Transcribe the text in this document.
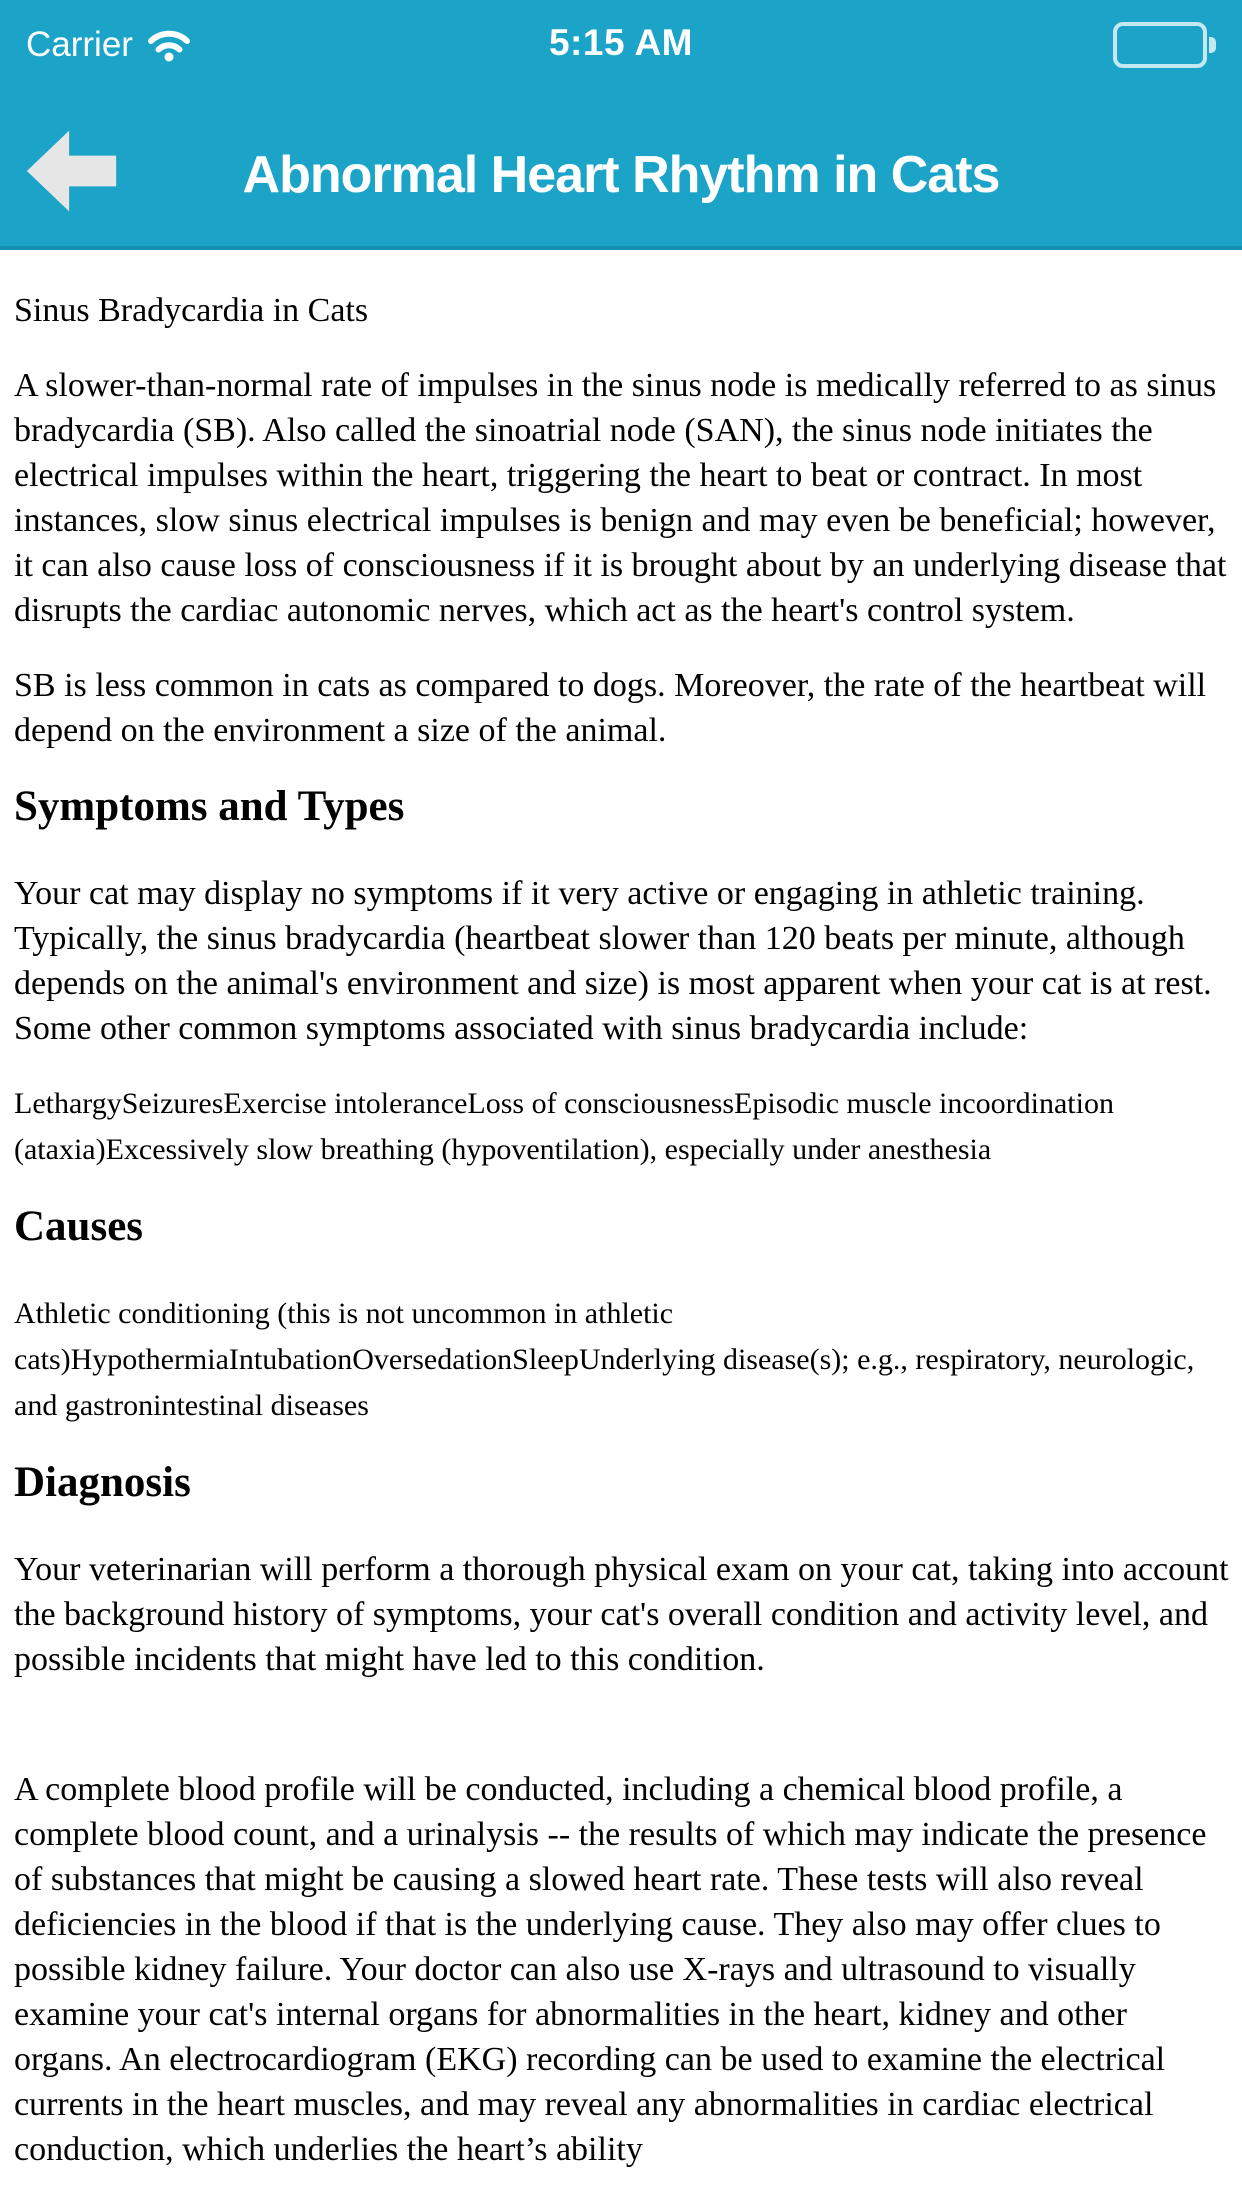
Carrier	5:15 AM
Abnormal Heart Rhythm in Cats

Sinus Bradycardia in Cats

A slower-than-normal rate of impulses in the sinus node is medically referred to as sinus bradycardia (SB). Also called the sinoatrial node (SAN), the sinus node initiates the electrical impulses within the heart, triggering the heart to beat or contract. In most instances, slow sinus electrical impulses is benign and may even be beneficial; however, it can also cause loss of consciousness if it is brought about by an underlying disease that disrupts the cardiac autonomic nerves, which act as the heart's control system.

SB is less common in cats as compared to dogs. Moreover, the rate of the heartbeat will depend on the environment a size of the animal.

Symptoms and Types

Your cat may display no symptoms if it very active or engaging in athletic training. Typically, the sinus bradycardia (heartbeat slower than 120 beats per minute, although depends on the animal's environment and size) is most apparent when your cat is at rest. Some other common symptoms associated with sinus bradycardia include:

LethargySeizuresExercise intoleranceLoss of consciousnessEpisodic muscle incoordination (ataxia)Excessively slow breathing (hypoventilation), especially under anesthesia

Causes

Athletic conditioning (this is not uncommon in athletic cats)HypothermiaIntubationOversedationSleepUnderlying disease(s); e.g., respiratory, neurologic, and gastronintestinal diseases

Diagnosis

Your veterinarian will perform a thorough physical exam on your cat, taking into account the background history of symptoms, your cat's overall condition and activity level, and possible incidents that might have led to this condition.

A complete blood profile will be conducted, including a chemical blood profile, a complete blood count, and a urinalysis -- the results of which may indicate the presence of substances that might be causing a slowed heart rate. These tests will also reveal deficiencies in the blood if that is the underlying cause. They also may offer clues to possible kidney failure. Your doctor can also use X-rays and ultrasound to visually examine your cat's internal organs for abnormalities in the heart, kidney and other organs. An electrocardiogram (EKG) recording can be used to examine the electrical currents in the heart muscles, and may reveal any abnormalities in cardiac electrical conduction, which underlies the heart’s ability
